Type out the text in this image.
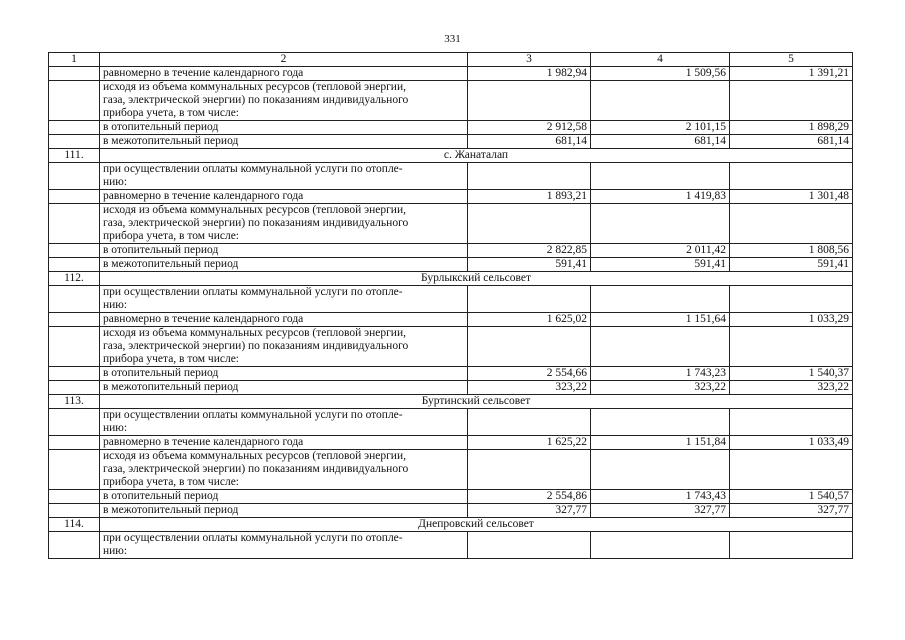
331
1	2	3	4	5
	равномерно в течение календарного года	1 982,94	1 509,56	1 391,21

	исходя из объема коммунальных ресурсов (тепловой энергии,
газа, электрической энергии) по показаниям индивидуального
прибора учета, в том числе:			

	в отопительный период	2 912,58	2 101,15	1 898,29
	в межотопительный период	681,14	681,14	681,14
111.	с. Жанаталап			

	при осуществлении оплаты коммунальной услуги по отопле-
нию:			

	равномерно в течение календарного года	1 893,21	1 419,83	1 301,48

	исходя из объема коммунальных ресурсов (тепловой энергии,
газа, электрической энергии) по показаниям индивидуального
прибора учета, в том числе:			

	в отопительный период	2 822,85	2 011,42	1 808,56
	в межотопительный период	591,41	591,41	591,41
112.	Бурлыкский сельсовет			

	при осуществлении оплаты коммунальной услуги по отопле-
нию:			

	равномерно в течение календарного года	1 625,02	1 151,64	1 033,29

	исходя из объема коммунальных ресурсов (тепловой энергии,
газа, электрической энергии) по показаниям индивидуального
прибора учета, в том числе:			

	в отопительный период	2 554,66	1 743,23	1 540,37
	в межотопительный период	323,22	323,22	323,22
113.	Буртинский сельсовет			

	при осуществлении оплаты коммунальной услуги по отопле-
нию:			

	равномерно в течение календарного года	1 625,22	1 151,84	1 033,49

	исходя из объема коммунальных ресурсов (тепловой энергии,
газа, электрической энергии) по показаниям индивидуального
прибора учета, в том числе:			

	в отопительный период	2 554,86	1 743,43	1 540,57
	в межотопительный период	327,77	327,77	327,77
114.	Днепровский сельсовет			

	при осуществлении оплаты коммунальной услуги по отопле-
нию:			
